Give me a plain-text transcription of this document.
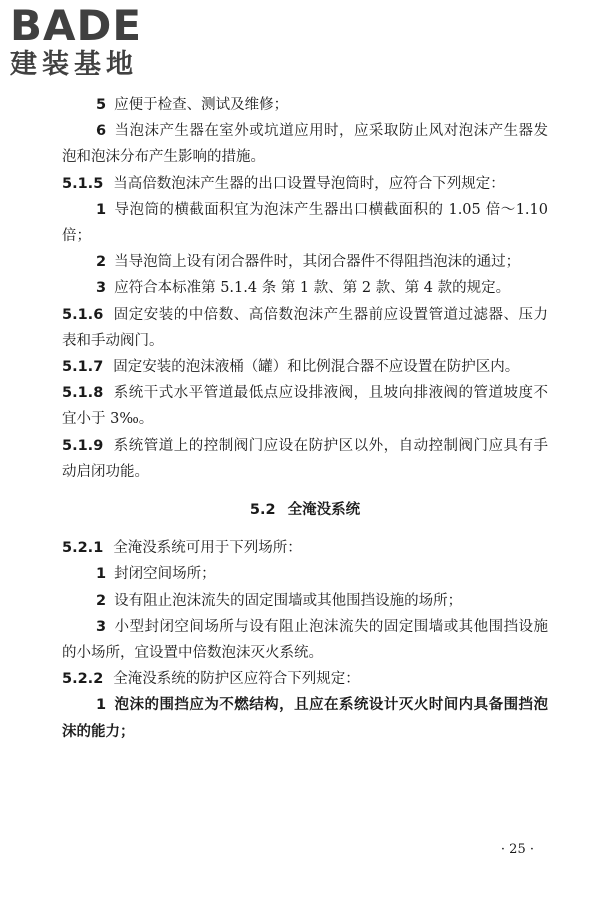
BADE
建装基地

5 应便于检查、测试及维修；

6 当泡沫产生器在室外或坑道应用时，应采取防止风对泡沫产生器发泡和泡沫分布产生影响的措施。

5.1.5 当高倍数泡沫产生器的出口设置导泡筒时，应符合下列规定：

1 导泡筒的横截面积宜为泡沫产生器出口横截面积的 1.05 倍～1.10 倍；

2 当导泡筒上设有闭合器件时，其闭合器件不得阻挡泡沫的通过；

3 应符合本标准第 5.1.4 条 第 1 款、第 2 款、第 4 款的规定。

5.1.6 固定安装的中倍数、高倍数泡沫产生器前应设置管道过滤器、压力表和手动阀门。

5.1.7 固定安装的泡沫液桶（罐）和比例混合器不应设置在防护区内。

5.1.8 系统干式水平管道最低点应设排液阀，且坡向排液阀的管道坡度不宜小于 3‰。

5.1.9 系统管道上的控制阀门应设在防护区以外，自动控制阀门应具有手动启闭功能。

5.2 全淹没系统

5.2.1 全淹没系统可用于下列场所：

1 封闭空间场所；

2 设有阻止泡沫流失的固定围墙或其他围挡设施的场所；

3 小型封闭空间场所与设有阻止泡沫流失的固定围墙或其他围挡设施的小场所，宜设置中倍数泡沫灭火系统。

5.2.2 全淹没系统的防护区应符合下列规定：

1 泡沫的围挡应为不燃结构，且应在系统设计灭火时间内具备围挡泡沫的能力；

· 25 ·
